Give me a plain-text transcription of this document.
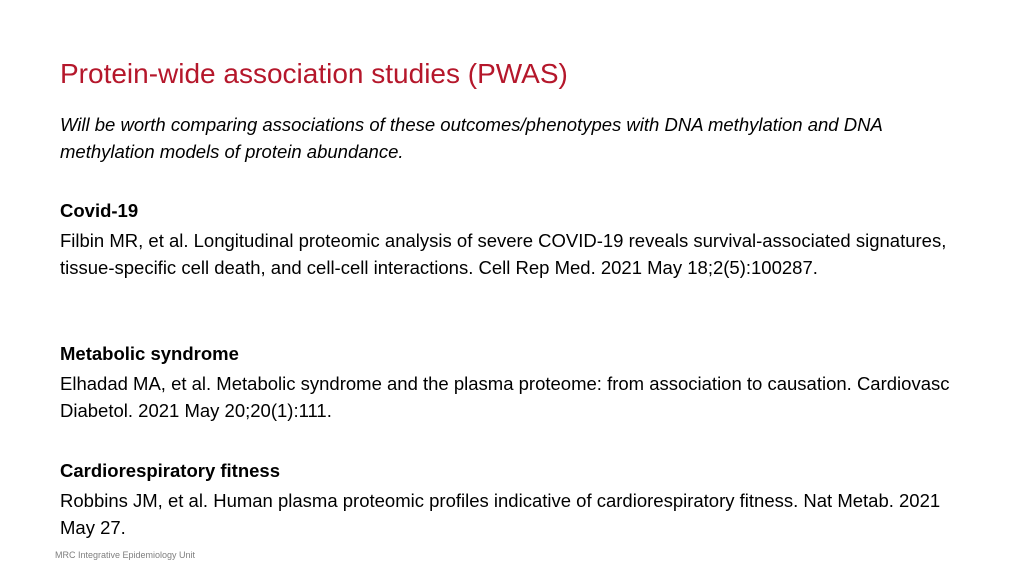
Protein-wide association studies (PWAS)

Will be worth comparing associations of these outcomes/phenotypes with DNA methylation and DNA methylation models of protein abundance.

Covid-19

Filbin MR, et al. Longitudinal proteomic analysis of severe COVID-19 reveals survival-associated signatures, tissue-specific cell death, and cell-cell interactions. Cell Rep Med. 2021 May 18;2(5):100287.

Metabolic syndrome

Elhadad MA, et al. Metabolic syndrome and the plasma proteome: from association to causation. Cardiovasc Diabetol. 2021 May 20;20(1):111.

Cardiorespiratory fitness

Robbins JM, et al. Human plasma proteomic profiles indicative of cardiorespiratory fitness. Nat Metab. 2021 May 27.

MRC Integrative Epidemiology Unit
